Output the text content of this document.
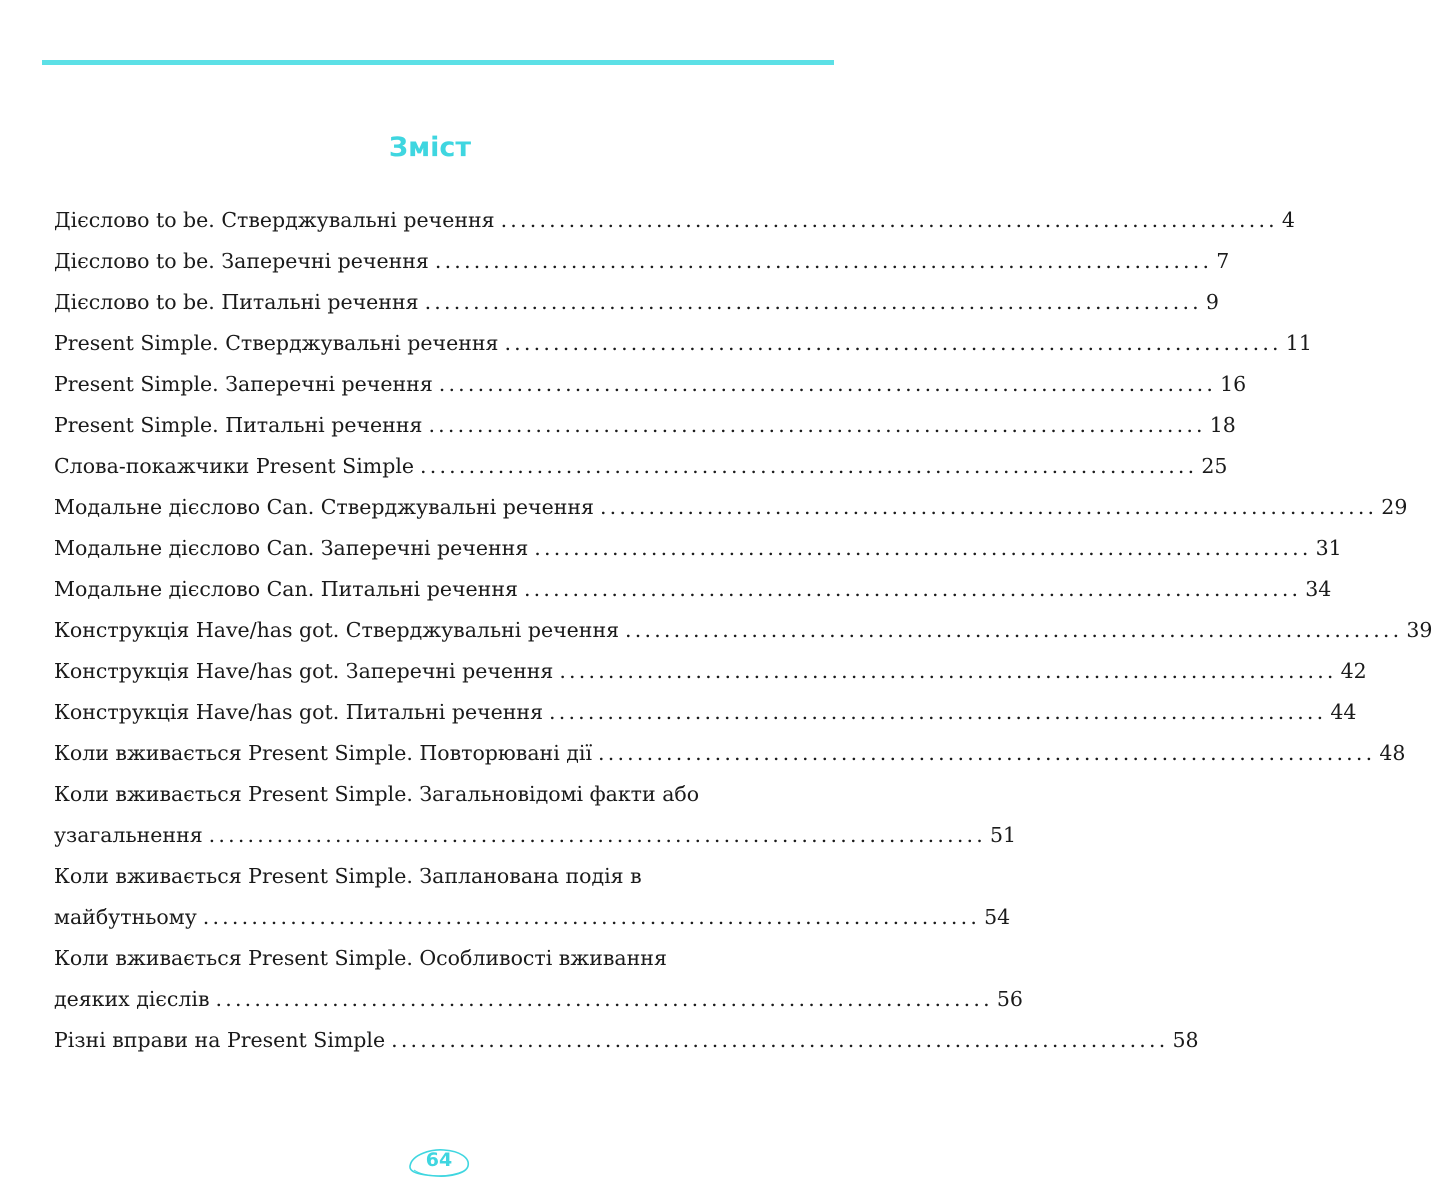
Зміст
Дієслово to be. Стверджувальні речення ................................................................................ 4
Дієслово to be. Заперечні речення ................................................................................ 7
Дієслово to be. Питальні речення ................................................................................ 9
Present Simple. Стверджувальні речення ................................................................................ 11
Present Simple. Заперечні речення ................................................................................ 16
Present Simple. Питальні речення ................................................................................ 18
Слова-покажчики Present Simple ................................................................................ 25
Модальне дієслово Can. Стверджувальні речення ................................................................................ 29
Модальне дієслово Can. Заперечні речення ................................................................................ 31
Модальне дієслово Can. Питальні речення ................................................................................ 34
Конструкція Have/has got. Стверджувальні речення ................................................................................ 39
Конструкція Have/has got. Заперечні речення ................................................................................ 42
Конструкція Have/has got. Питальні речення ................................................................................ 44
Коли вживається Present Simple. Повторювані дії ................................................................................ 48
Коли вживається Present Simple. Загальновідомі факти або
узагальнення ................................................................................ 51
Коли вживається Present Simple. Запланована подія в
майбутньому ................................................................................ 54
Коли вживається Present Simple. Особливості вживання
деяких дієслів ................................................................................ 56
Різні вправи на Present Simple ................................................................................ 58
64
